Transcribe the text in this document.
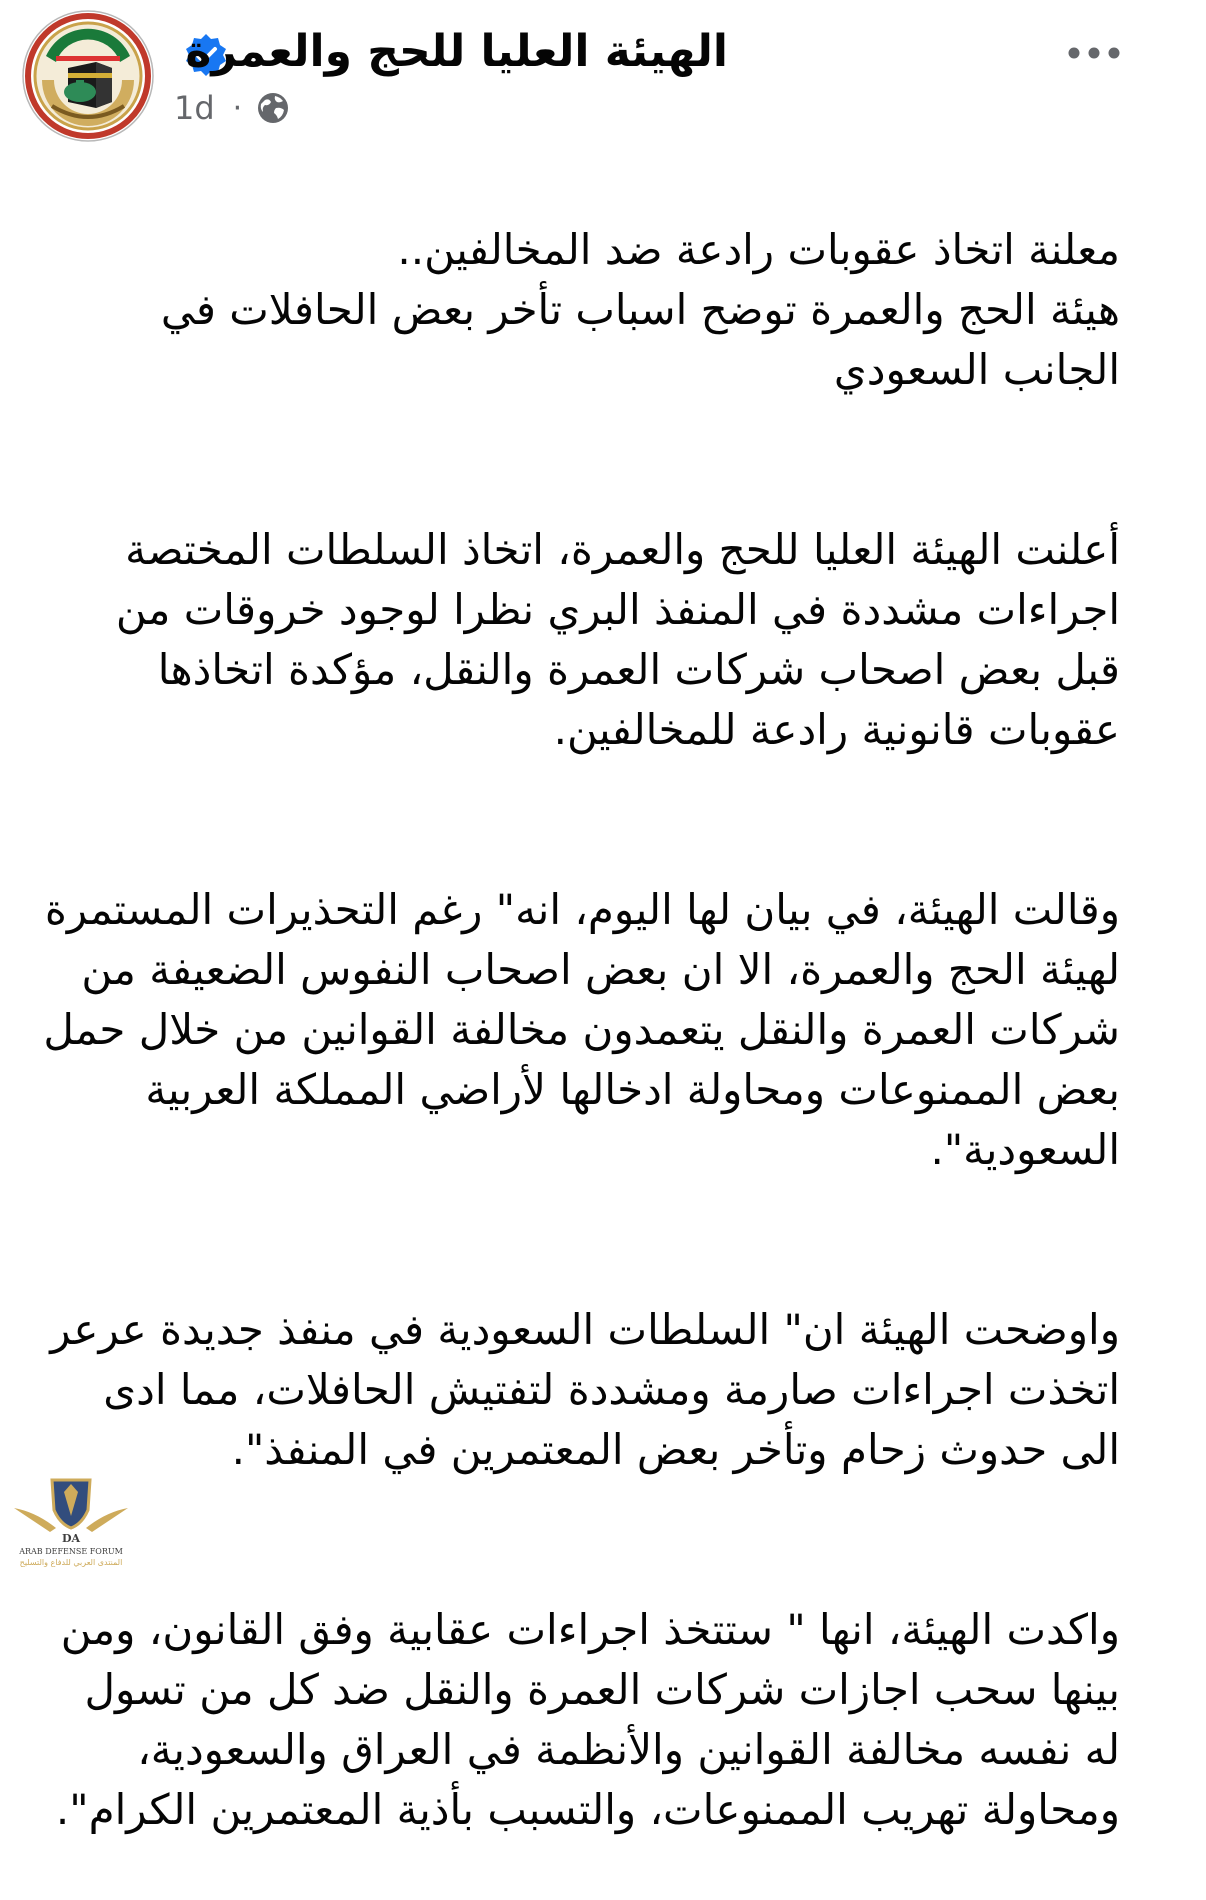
الهيئة العليا للحج والعمرة
1d ·

معلنة اتخاذ عقوبات رادعة ضد المخالفين..
هيئة الحج والعمرة توضح اسباب تأخر بعض الحافلات في الجانب السعودي

أعلنت الهيئة العليا للحج والعمرة، اتخاذ السلطات المختصة اجراءات مشددة في المنفذ البري نظرا لوجود خروقات من قبل بعض اصحاب شركات العمرة والنقل، مؤكدة اتخاذها عقوبات قانونية رادعة للمخالفين.

وقالت الهيئة، في بيان لها اليوم، انه" رغم التحذيرات المستمرة لهيئة الحج والعمرة، الا ان بعض اصحاب النفوس الضعيفة من شركات العمرة والنقل يتعمدون مخالفة القوانين من خلال حمل بعض الممنوعات ومحاولة ادخالها لأراضي المملكة العربية السعودية".

واوضحت الهيئة ان" السلطات السعودية في منفذ جديدة عرعر اتخذت اجراءات صارمة ومشددة لتفتيش الحافلات، مما ادى الى حدوث زحام وتأخر بعض المعتمرين في المنفذ".

واكدت الهيئة، انها " ستتخذ اجراءات عقابية وفق القانون، ومن بينها سحب اجازات شركات العمرة والنقل ضد كل من تسول له نفسه مخالفة القوانين والأنظمة في العراق والسعودية، ومحاولة تهريب الممنوعات، والتسبب بأذية المعتمرين الكرام".

DA
ARAB DEFENSE FORUM
المنتدى العربي للدفاع والتسليح
